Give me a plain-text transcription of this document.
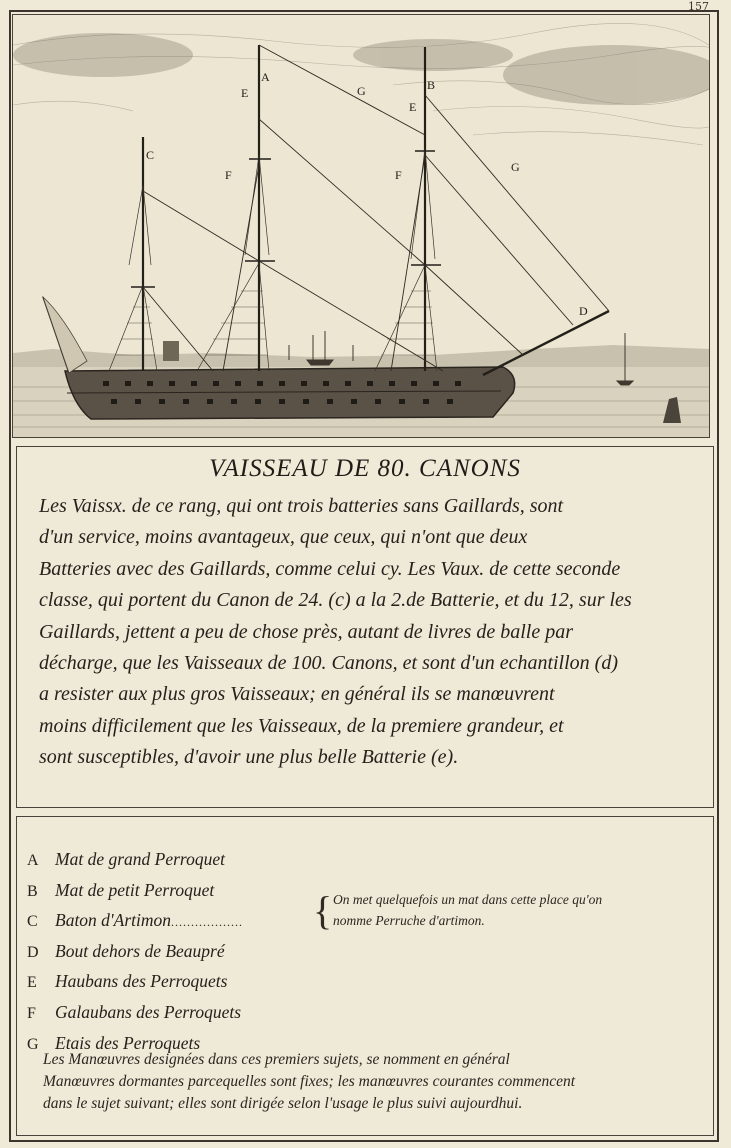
157
A
B
C
D
E
E
F	F
G
G
VAISSEAU DE 80. CANONS
Les Vaissx. de ce rang, qui ont trois batteries sans Gaillards, sont
d'un service, moins avantageux, que ceux, qui n'ont que deux
Batteries avec des Gaillards, comme celui cy. Les Vaux. de cette seconde
classe, qui portent du Canon de 24. (c) a la 2.de Batterie, et du 12, sur les
Gaillards, jettent a peu de chose près, autant de livres de balle par
décharge, que les Vaisseaux de 100. Canons, et sont d'un echantillon (d)
a resister aux plus gros Vaisseaux; en général ils se manœuvrent
moins difficilement que les Vaisseaux, de la premiere grandeur, et
sont susceptibles, d'avoir une plus belle Batterie (e).
A Mat de grand Perroquet
B Mat de petit Perroquet
C Baton d'Artimon..................
D Bout dehors de Beaupré
E Haubans des Perroquets
F Galaubans des Perroquets
G Etais des Perroquets
{ On met quelquefois un mat dans cette place qu'on
nomme Perruche d'artimon.
Les Manœuvres designées dans ces premiers sujets, se nomment en général
Manœuvres dormantes parcequelles sont fixes; les manœuvres courantes commencent
dans le sujet suivant; elles sont dirigée selon l'usage le plus suivi aujourdhui.
